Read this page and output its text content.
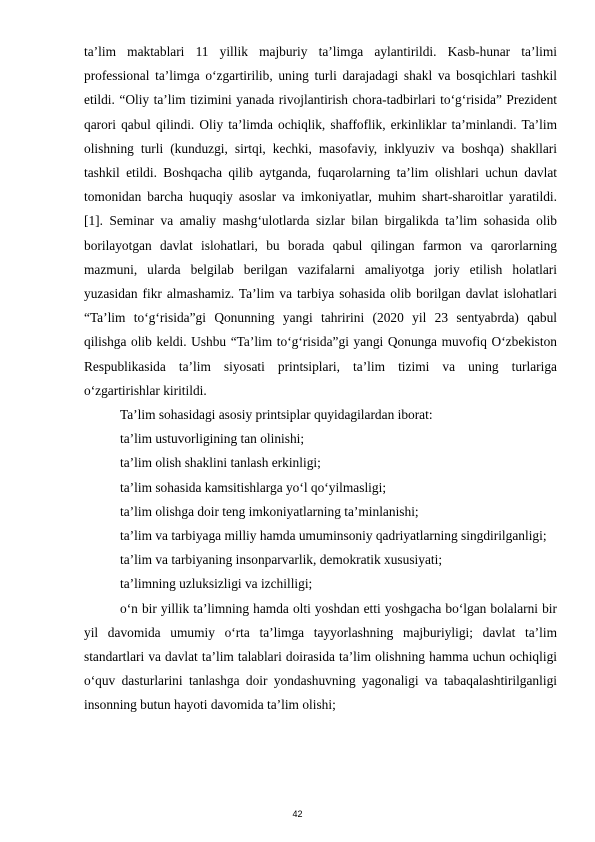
ta’lim maktablari 11 yillik majburiy ta’limga aylantirildi. Kasb-hunar ta’limi professional ta’limga o‘zgartirilib, uning turli darajadagi shakl va bosqichlari tashkil etildi. “Oliy ta’lim tizimini yanada rivojlantirish chora-tadbirlari to‘g‘risida” Prezident qarori qabul qilindi. Oliy ta’limda ochiqlik, shaffoflik, erkinliklar ta’minlandi. Ta’lim olishning turli (kunduzgi, sirtqi, kechki, masofaviy, inklyuziv va boshqa) shakllari tashkil etildi. Boshqacha qilib aytganda, fuqarolarning ta’lim olishlari uchun davlat tomonidan barcha huquqiy asoslar va imkoniyatlar, muhim shart-sharoitlar yaratildi. [1]. Seminar va amaliy mashg‘ulotlarda sizlar bilan birgalikda ta’lim sohasida olib borilayotgan davlat islohatlari, bu borada qabul qilingan farmon va qarorlarning mazmuni, ularda belgilab berilgan vazifalarni amaliyotga joriy etilish holatlari yuzasidan fikr almashamiz. Ta’lim va tarbiya sohasida olib borilgan davlat islohatlari “Ta’lim to‘g‘risida”gi Qonunning yangi tahririni (2020 yil 23 sentyabrda) qabul qilishga olib keldi. Ushbu “Ta’lim to‘g‘risida”gi yangi Qonunga muvofiq O‘zbekiston Respublikasida ta’lim siyosati printsiplari, ta’lim tizimi va uning turlariga o‘zgartirishlar kiritildi.

Ta’lim sohasidagi asosiy printsiplar quyidagilardan iborat:

ta’lim ustuvorligining tan olinishi;

ta’lim olish shaklini tanlash erkinligi;

ta’lim sohasida kamsitishlarga yo‘l qo‘yilmasligi;

ta’lim olishga doir teng imkoniyatlarning ta’minlanishi;

ta’lim va tarbiyaga milliy hamda umuminsoniy qadriyatlarning singdirilganligi;

ta’lim va tarbiyaning insonparvarlik, demokratik xususiyati;

ta’limning uzluksizligi va izchilligi;

o‘n bir yillik ta’limning hamda olti yoshdan etti yoshgacha bo‘lgan bolalarni bir yil davomida umumiy o‘rta ta’limga tayyorlashning majburiyligi; davlat ta’lim standartlari va davlat ta’lim talablari doirasida ta’lim olishning hamma uchun ochiqligi o‘quv dasturlarini tanlashga doir yondashuvning yagonaligi va tabaqalashtirilganligi insonning butun hayoti davomida ta’lim olishi;

42
